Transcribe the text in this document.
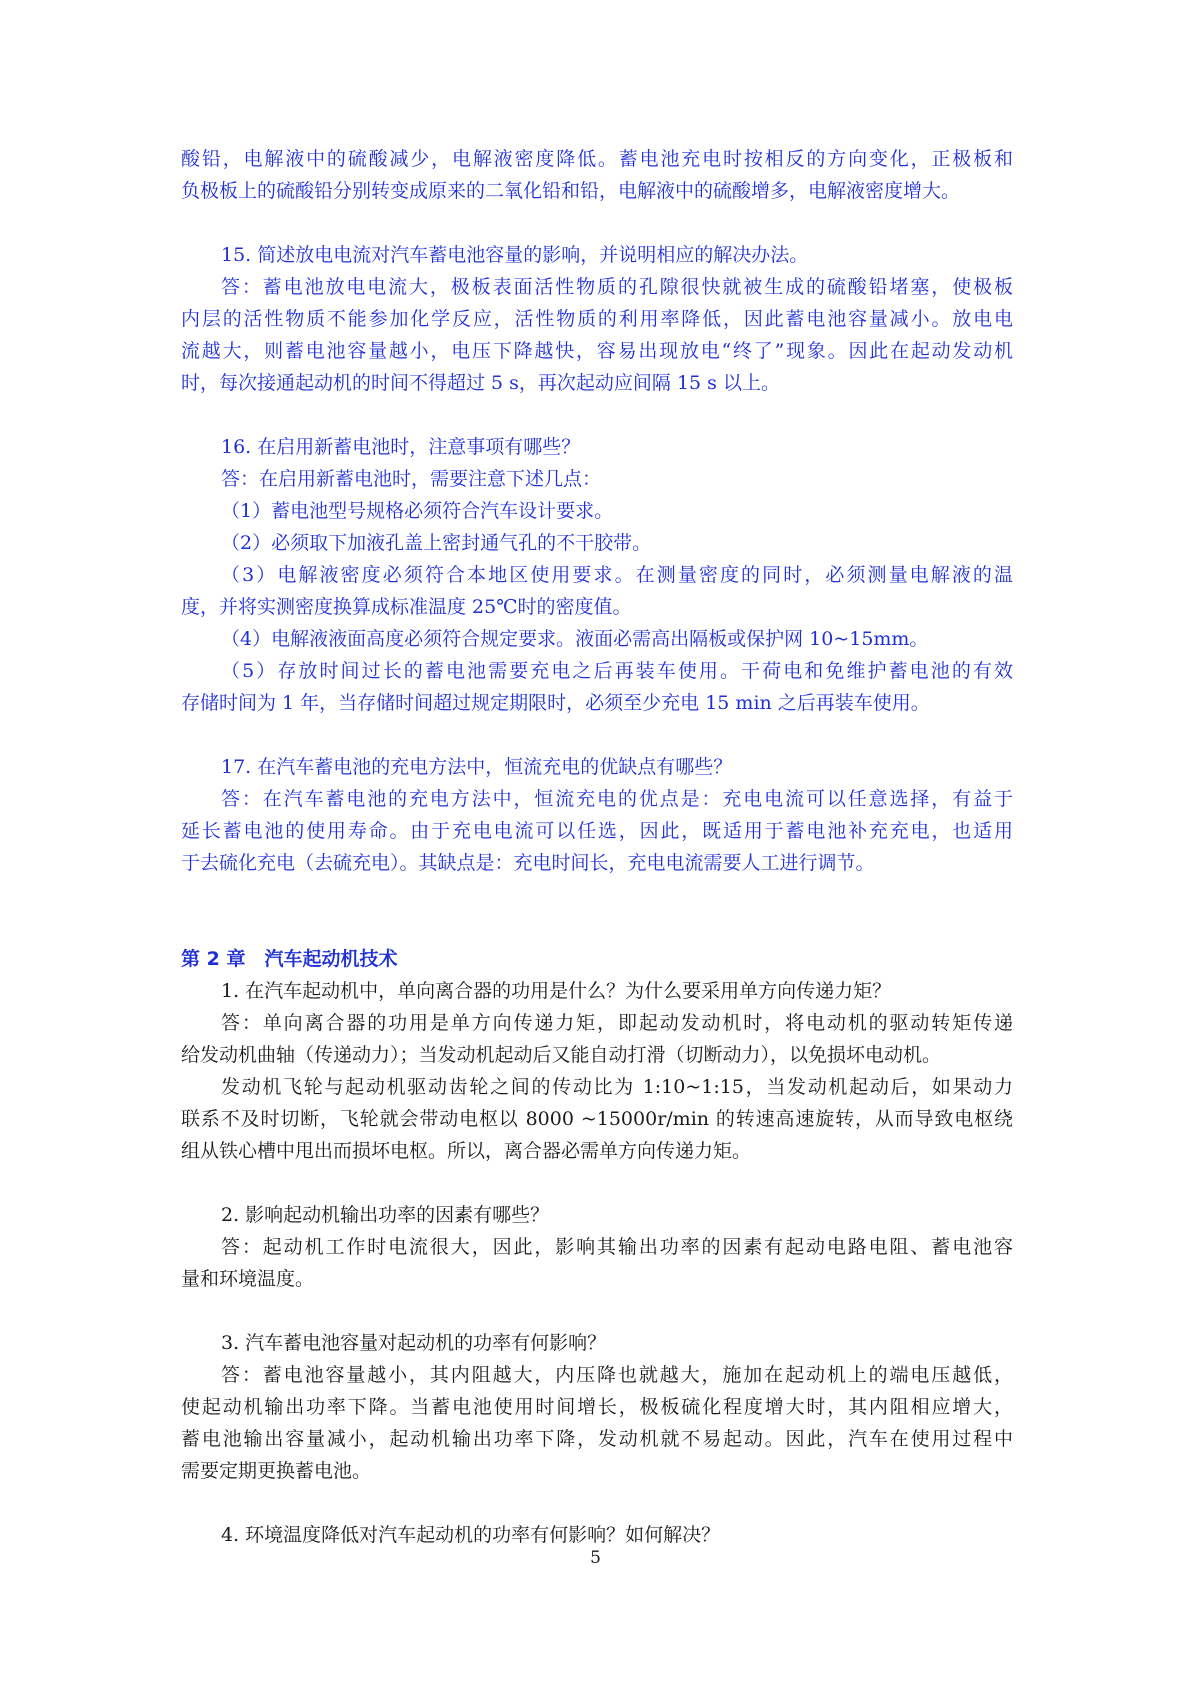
酸铅，电解液中的硫酸减少，电解液密度降低。蓄电池充电时按相反的方向变化，正极板和
负极板上的硫酸铅分别转变成原来的二氧化铅和铅，电解液中的硫酸增多，电解液密度增大。
15. 简述放电电流对汽车蓄电池容量的影响，并说明相应的解决办法。
答：蓄电池放电电流大，极板表面活性物质的孔隙很快就被生成的硫酸铅堵塞，使极板
内层的活性物质不能参加化学反应，活性物质的利用率降低，因此蓄电池容量减小。放电电
流越大，则蓄电池容量越小，电压下降越快，容易出现放电“终了”现象。因此在起动发动机
时，每次接通起动机的时间不得超过 5 s，再次起动应间隔 15 s 以上。
16. 在启用新蓄电池时，注意事项有哪些？
答：在启用新蓄电池时，需要注意下述几点：
（1）蓄电池型号规格必须符合汽车设计要求。
（2）必须取下加液孔盖上密封通气孔的不干胶带。
（3）电解液密度必须符合本地区使用要求。在测量密度的同时，必须测量电解液的温
度，并将实测密度换算成标准温度 25℃时的密度值。
（4）电解液液面高度必须符合规定要求。液面必需高出隔板或保护网 10~15mm。
（5）存放时间过长的蓄电池需要充电之后再装车使用。干荷电和免维护蓄电池的有效
存储时间为 1 年，当存储时间超过规定期限时，必须至少充电 15 min 之后再装车使用。
17. 在汽车蓄电池的充电方法中，恒流充电的优缺点有哪些？
答：在汽车蓄电池的充电方法中，恒流充电的优点是：充电电流可以任意选择，有益于
延长蓄电池的使用寿命。由于充电电流可以任选，因此，既适用于蓄电池补充充电，也适用
于去硫化充电（去硫充电）。其缺点是：充电时间长，充电电流需要人工进行调节。
第 2 章　汽车起动机技术
1. 在汽车起动机中，单向离合器的功用是什么？为什么要采用单方向传递力矩？
答：单向离合器的功用是单方向传递力矩，即起动发动机时，将电动机的驱动转矩传递
给发动机曲轴（传递动力）；当发动机起动后又能自动打滑（切断动力），以免损坏电动机。
发动机飞轮与起动机驱动齿轮之间的传动比为 1:10~1:15，当发动机起动后，如果动力
联系不及时切断，飞轮就会带动电枢以 8000 ~15000r/min 的转速高速旋转，从而导致电枢绕
组从铁心槽中甩出而损坏电枢。所以，离合器必需单方向传递力矩。
2. 影响起动机输出功率的因素有哪些？
答：起动机工作时电流很大，因此，影响其输出功率的因素有起动电路电阻、蓄电池容
量和环境温度。
3. 汽车蓄电池容量对起动机的功率有何影响？
答：蓄电池容量越小，其内阻越大，内压降也就越大，施加在起动机上的端电压越低，
使起动机输出功率下降。当蓄电池使用时间增长，极板硫化程度增大时，其内阻相应增大，
蓄电池输出容量减小，起动机输出功率下降，发动机就不易起动。因此，汽车在使用过程中
需要定期更换蓄电池。
4. 环境温度降低对汽车起动机的功率有何影响？如何解决？
5
